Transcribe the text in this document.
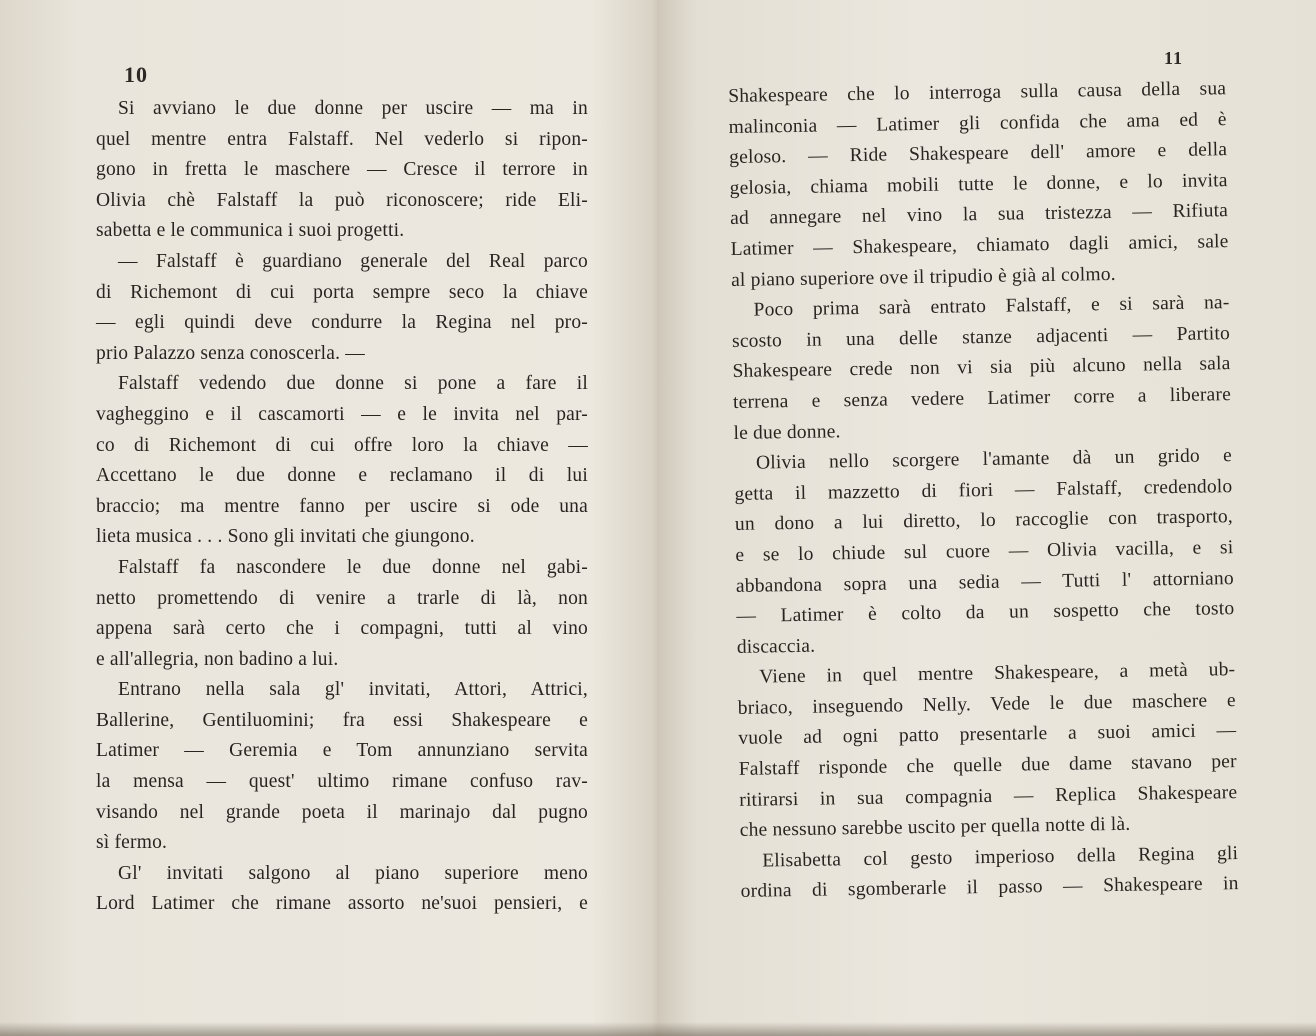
10
Si avviano le due donne per uscire — ma in
quel mentre entra Falstaff. Nel vederlo si ripon-
gono in fretta le maschere — Cresce il terrore in
Olivia chè Falstaff la può riconoscere; ride Eli-
sabetta e le communica i suoi progetti.
— Falstaff è guardiano generale del Real parco
di Richemont di cui porta sempre seco la chiave
— egli quindi deve condurre la Regina nel pro-
prio Palazzo senza conoscerla. —
Falstaff vedendo due donne si pone a fare il
vagheggino e il cascamorti — e le invita nel par-
co di Richemont di cui offre loro la chiave —
Accettano le due donne e reclamano il di lui
braccio; ma mentre fanno per uscire si ode una
lieta musica . . . Sono gli invitati che giungono.
Falstaff fa nascondere le due donne nel gabi-
netto promettendo di venire a trarle di là, non
appena sarà certo che i compagni, tutti al vino
e all'allegria, non badino a lui.
Entrano nella sala gl' invitati, Attori, Attrici,
Ballerine, Gentiluomini; fra essi Shakespeare e
Latimer — Geremia e Tom annunziano servita
la mensa — quest' ultimo rimane confuso rav-
visando nel grande poeta il marinajo dal pugno
sì fermo.
Gl' invitati salgono al piano superiore meno
Lord Latimer che rimane assorto ne'suoi pensieri, e
11
Shakespeare che lo interroga sulla causa della sua
malinconia — Latimer gli confida che ama ed è
geloso. — Ride Shakespeare dell' amore e della
gelosia, chiama mobili tutte le donne, e lo invita
ad annegare nel vino la sua tristezza — Rifiuta
Latimer — Shakespeare, chiamato dagli amici, sale
al piano superiore ove il tripudio è già al colmo.
Poco prima sarà entrato Falstaff, e si sarà na-
scosto in una delle stanze adjacenti — Partito
Shakespeare crede non vi sia più alcuno nella sala
terrena e senza vedere Latimer corre a liberare
le due donne.
Olivia nello scorgere l'amante dà un grido e
getta il mazzetto di fiori — Falstaff, credendolo
un dono a lui diretto, lo raccoglie con trasporto,
e se lo chiude sul cuore — Olivia vacilla, e si
abbandona sopra una sedia — Tutti l' attorniano
— Latimer è colto da un sospetto che tosto
discaccia.
Viene in quel mentre Shakespeare, a metà ub-
briaco, inseguendo Nelly. Vede le due maschere e
vuole ad ogni patto presentarle a suoi amici —
Falstaff risponde che quelle due dame stavano per
ritirarsi in sua compagnia — Replica Shakespeare
che nessuno sarebbe uscito per quella notte di là.
Elisabetta col gesto imperioso della Regina gli
ordina di sgomberarle il passo — Shakespeare in
